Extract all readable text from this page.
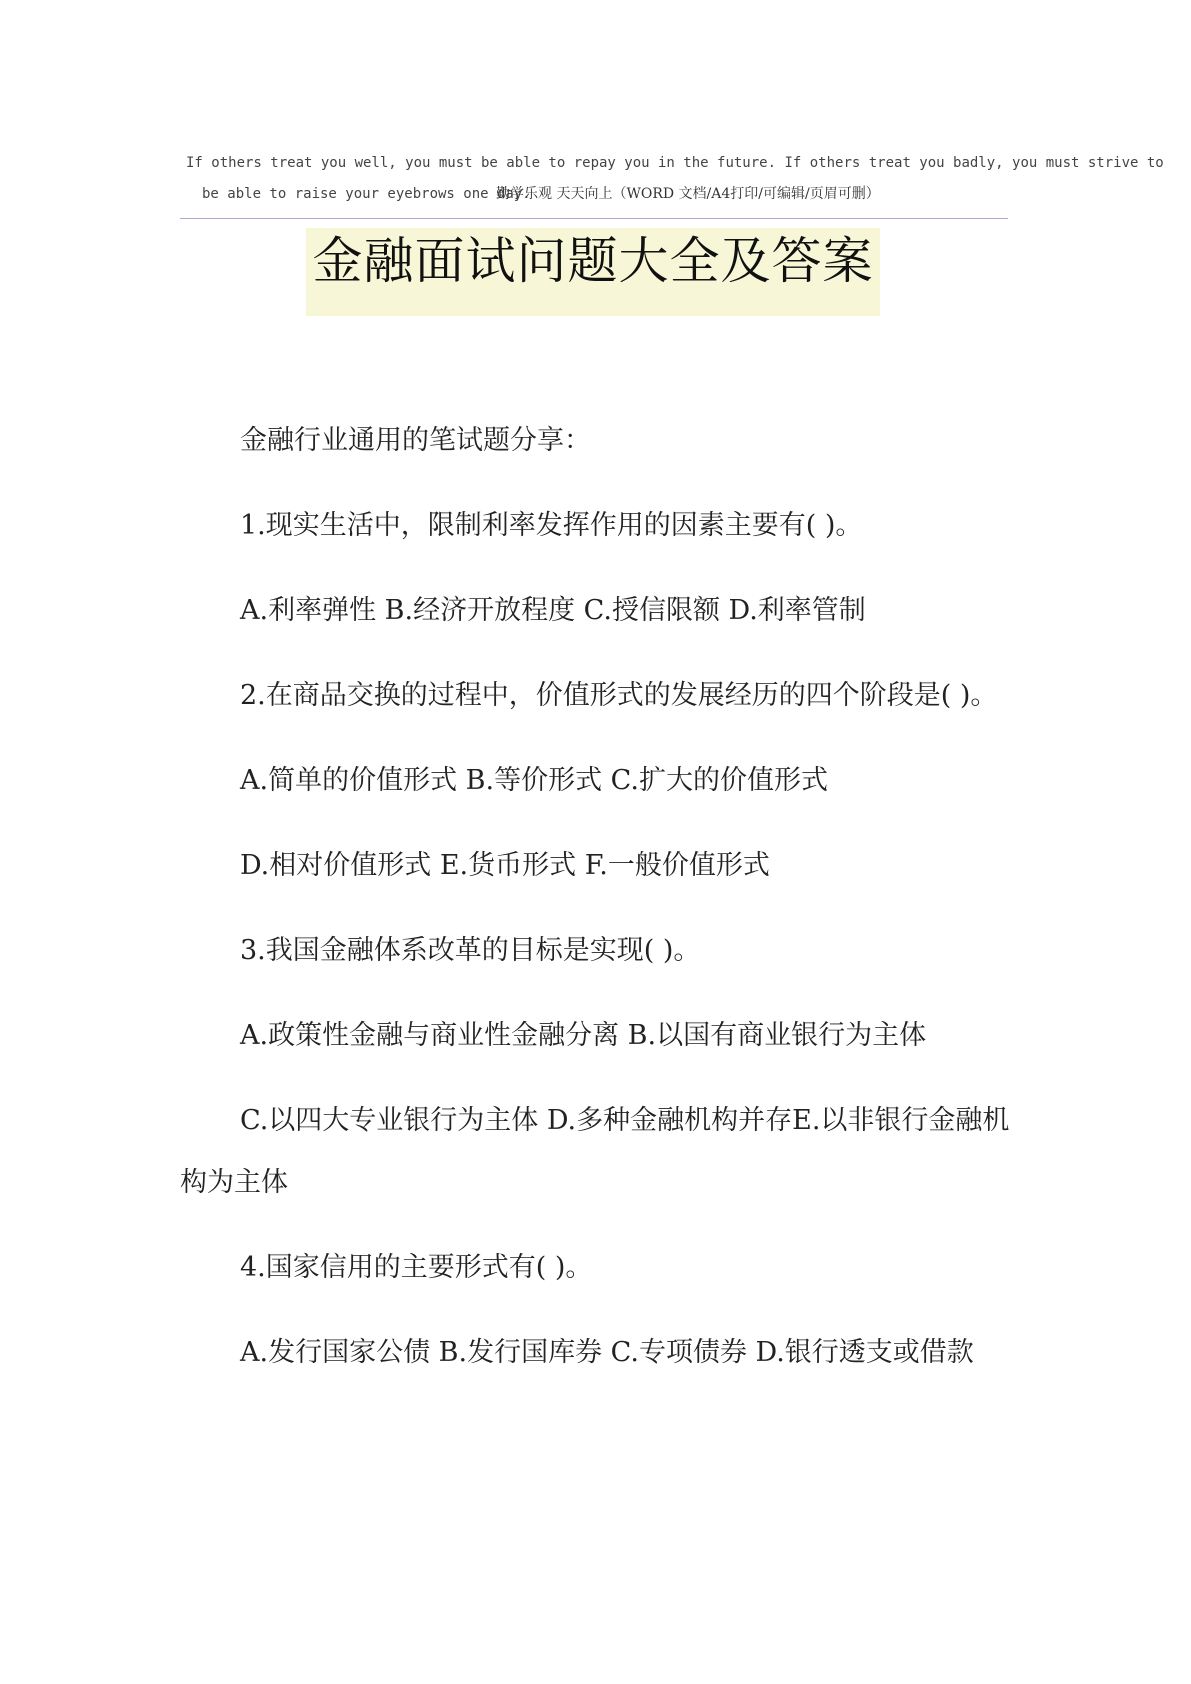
If others treat you well, you must be able to repay you in the future. If others treat you badly, you must strive to
be able to raise your eyebrows one day.
勤学乐观 天天向上（WORD 文档/A4打印/可编辑/页眉可删）
金融面试问题大全及答案

金融行业通用的笔试题分享：

1.现实生活中，限制利率发挥作用的因素主要有( )。

A.利率弹性 B.经济开放程度 C.授信限额 D.利率管制

2.在商品交换的过程中，价值形式的发展经历的四个阶段是( )。

A.简单的价值形式 B.等价形式 C.扩大的价值形式

D.相对价值形式 E.货币形式 F.一般价值形式

3.我国金融体系改革的目标是实现( )。

A.政策性金融与商业性金融分离 B.以国有商业银行为主体

C.以四大专业银行为主体 D.多种金融机构并存E.以非银行金融机构为主体

4.国家信用的主要形式有( )。

A.发行国家公债 B.发行国库券 C.专项债券 D.银行透支或借款
